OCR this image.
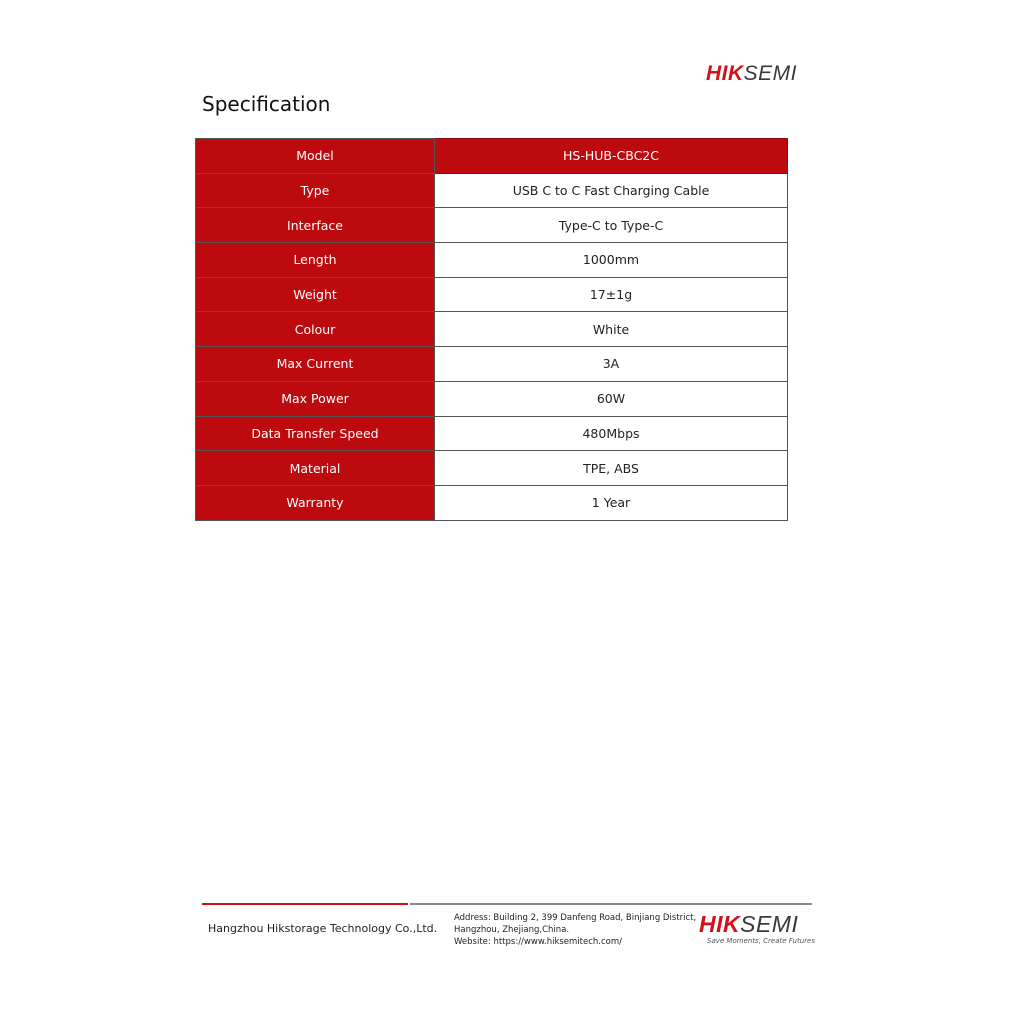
HIKSEMI
Specification
Model	HS-HUB-CBC2C
Type	USB C to C Fast Charging Cable
Interface	Type-C to Type-C
Length	1000mm
Weight	17±1g
Colour	White
Max Current	3A
Max Power	60W
Data Transfer Speed	480Mbps
Material	TPE, ABS
Warranty	1 Year
Hangzhou Hikstorage Technology Co.,Ltd.
Address: Building 2, 399 Danfeng Road, Binjiang District,
Hangzhou, Zhejiang,China.
Website: https://www.hiksemitech.com/
HIKSEMI
Save Moments, Create Futures
